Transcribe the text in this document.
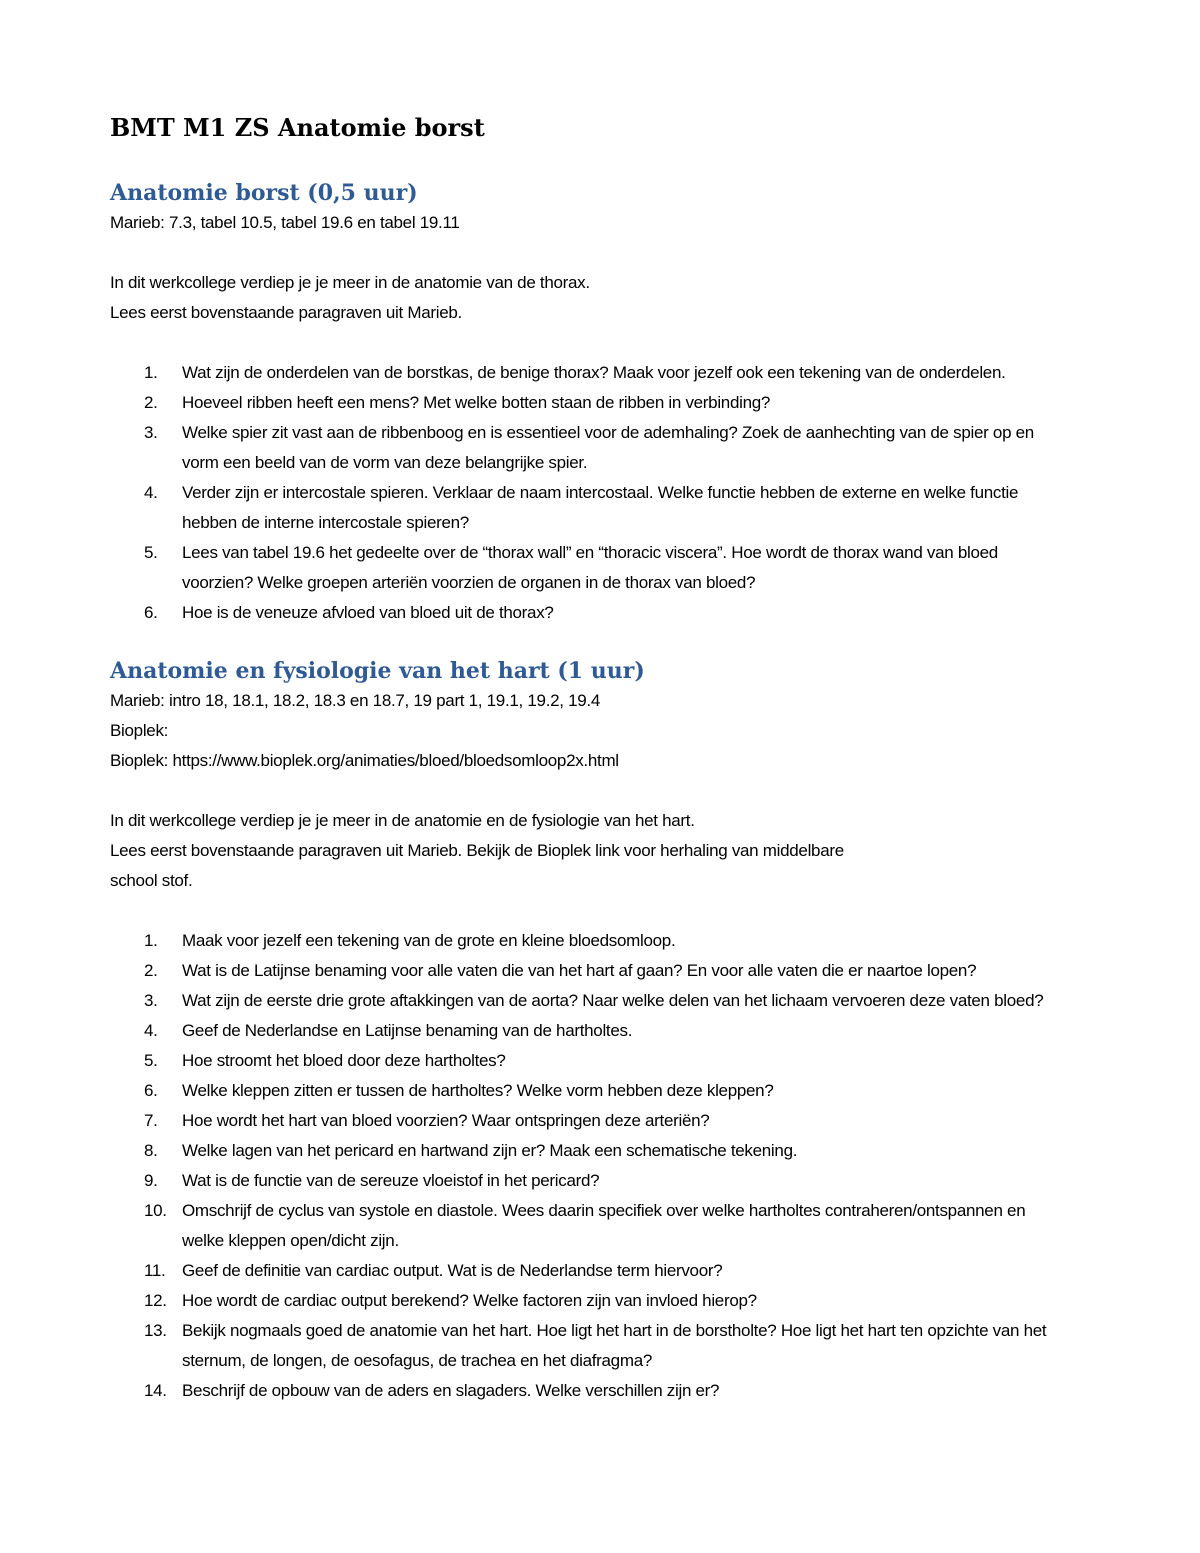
BMT M1 ZS Anatomie borst
Anatomie borst (0,5 uur)

Marieb: 7.3, tabel 10.5, tabel 19.6 en tabel 19.11

In dit werkcollege verdiep je je meer in de anatomie van de thorax.

Lees eerst bovenstaande paragraven uit Marieb.

1.	Wat zijn de onderdelen van de borstkas, de benige thorax? Maak voor jezelf ook een tekening van de onderdelen.
2.	Hoeveel ribben heeft een mens? Met welke botten staan de ribben in verbinding?
3.	Welke spier zit vast aan de ribbenboog en is essentieel voor de ademhaling? Zoek de aanhechting van de spier op en vorm een beeld van de vorm van deze belangrijke spier.
4.	Verder zijn er intercostale spieren. Verklaar de naam intercostaal. Welke functie hebben de externe en welke functie hebben de interne intercostale spieren?
5.	Lees van tabel 19.6 het gedeelte over de “thorax wall” en “thoracic viscera”. Hoe wordt de thorax wand van bloed voorzien? Welke groepen arteriën voorzien de organen in de thorax van bloed?
6.	Hoe is de veneuze afvloed van bloed uit de thorax?
Anatomie en fysiologie van het hart (1 uur)

Marieb: intro 18, 18.1, 18.2, 18.3 en 18.7, 19 part 1, 19.1, 19.2, 19.4

Bioplek:

Bioplek: https://www.bioplek.org/animaties/bloed/bloedsomloop2x.html

In dit werkcollege verdiep je je meer in de anatomie en de fysiologie van het hart.

Lees eerst bovenstaande paragraven uit Marieb. Bekijk de Bioplek link voor herhaling van middelbare

school stof.

1.	Maak voor jezelf een tekening van de grote en kleine bloedsomloop.
2.	Wat is de Latijnse benaming voor alle vaten die van het hart af gaan? En voor alle vaten die er naartoe lopen?
3.	Wat zijn de eerste drie grote aftakkingen van de aorta? Naar welke delen van het lichaam vervoeren deze vaten bloed?
4.	Geef de Nederlandse en Latijnse benaming van de hartholtes.
5.	Hoe stroomt het bloed door deze hartholtes?
6.	Welke kleppen zitten er tussen de hartholtes? Welke vorm hebben deze kleppen?
7.	Hoe wordt het hart van bloed voorzien? Waar ontspringen deze arteriën?
8.	Welke lagen van het pericard en hartwand zijn er? Maak een schematische tekening.
9.	Wat is de functie van de sereuze vloeistof in het pericard?
10. Omschrijf de cyclus van systole en diastole. Wees daarin specifiek over welke hartholtes contraheren/ontspannen en welke kleppen open/dicht zijn.
11. Geef de definitie van cardiac output. Wat is de Nederlandse term hiervoor?
12. Hoe wordt de cardiac output berekend? Welke factoren zijn van invloed hierop?
13. Bekijk nogmaals goed de anatomie van het hart. Hoe ligt het hart in de borstholte? Hoe ligt het hart ten opzichte van het sternum, de longen, de oesofagus, de trachea en het diafragma?
14. Beschrijf de opbouw van de aders en slagaders. Welke verschillen zijn er?
